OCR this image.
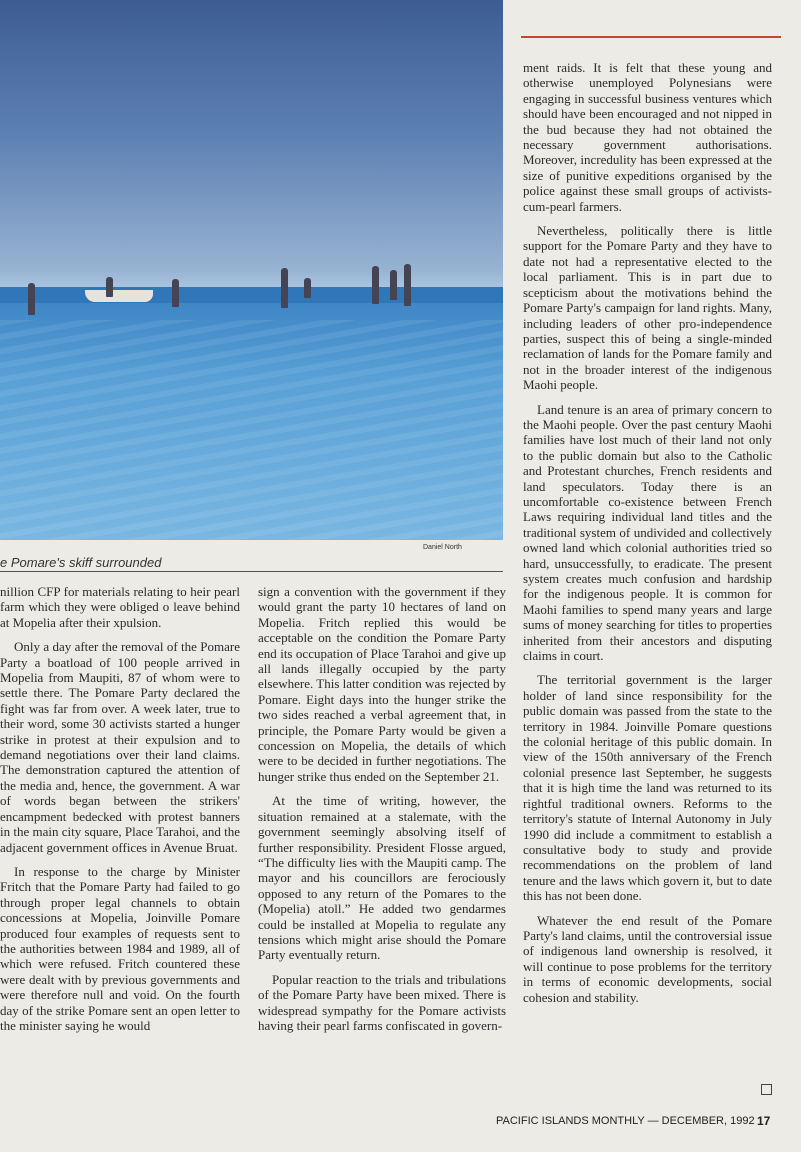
Daniel North
e Pomare's skiff surrounded

nillion CFP for materials relating to heir pearl farm which they were obliged o leave behind at Mopelia after their xpulsion.

Only a day after the removal of the Pomare Party a boatload of 100 people arrived in Mopelia from Maupiti, 87 of whom were to settle there. The Pomare Party declared the fight was far from over. A week later, true to their word, some 30 activists started a hunger strike in protest at their expulsion and to demand negotiations over their land claims. The demonstration captured the attention of the media and, hence, the government. A war of words began between the strikers' encampment bedecked with protest banners in the main city square, Place Tarahoi, and the adjacent government offices in Avenue Bruat.

In response to the charge by Minister Fritch that the Pomare Party had failed to go through proper legal channels to obtain concessions at Mopelia, Joinville Pomare produced four examples of requests sent to the authorities between 1984 and 1989, all of which were refused. Fritch countered these were dealt with by previous governments and were therefore null and void. On the fourth day of the strike Pomare sent an open letter to the minister saying he would

sign a convention with the government if they would grant the party 10 hectares of land on Mopelia. Fritch replied this would be acceptable on the condition the Pomare Party end its occupation of Place Tarahoi and give up all lands illegally occupied by the party elsewhere. This latter condition was rejected by Pomare. Eight days into the hunger strike the two sides reached a verbal agreement that, in principle, the Pomare Party would be given a concession on Mopelia, the details of which were to be decided in further negotiations. The hunger strike thus ended on the September 21.

At the time of writing, however, the situation remained at a stalemate, with the government seemingly absolving itself of further responsibility. President Flosse argued, “The difficulty lies with the Maupiti camp. The mayor and his councillors are ferociously opposed to any return of the Pomares to the (Mopelia) atoll.” He added two gendarmes could be installed at Mopelia to regulate any tensions which might arise should the Pomare Party eventually return.

Popular reaction to the trials and tribulations of the Pomare Party have been mixed. There is widespread sympathy for the Pomare activists having their pearl farms confiscated in govern-

ment raids. It is felt that these young and otherwise unemployed Polynesians were engaging in successful business ventures which should have been encouraged and not nipped in the bud because they had not obtained the necessary government authorisations. Moreover, incredulity has been expressed at the size of punitive expeditions organised by the police against these small groups of activists-cum-pearl farmers.

Nevertheless, politically there is little support for the Pomare Party and they have to date not had a representative elected to the local parliament. This is in part due to scepticism about the motivations behind the Pomare Party's campaign for land rights. Many, including leaders of other pro-independence parties, suspect this of being a single-minded reclamation of lands for the Pomare family and not in the broader interest of the indigenous Maohi people.

Land tenure is an area of primary concern to the Maohi people. Over the past century Maohi families have lost much of their land not only to the public domain but also to the Catholic and Protestant churches, French residents and land speculators. Today there is an uncomfortable co-existence between French Laws requiring individual land titles and the traditional system of undivided and collectively owned land which colonial authorities tried so hard, unsuccessfully, to eradicate. The present system creates much confusion and hardship for the indigenous people. It is common for Maohi families to spend many years and large sums of money searching for titles to properties inherited from their ancestors and disputing claims in court.

The territorial government is the larger holder of land since responsibility for the public domain was passed from the state to the territory in 1984. Joinville Pomare questions the colonial heritage of this public domain. In view of the 150th anniversary of the French colonial presence last September, he suggests that it is high time the land was returned to its rightful traditional owners. Reforms to the territory's statute of Internal Autonomy in July 1990 did include a commitment to establish a consultative body to study and provide recommendations on the problem of land tenure and the laws which govern it, but to date this has not been done.

Whatever the end result of the Pomare Party's land claims, until the controversial issue of indigenous land ownership is resolved, it will continue to pose problems for the territory in terms of economic developments, social cohesion and stability.

PACIFIC ISLANDS MONTHLY — DECEMBER, 1992 17
